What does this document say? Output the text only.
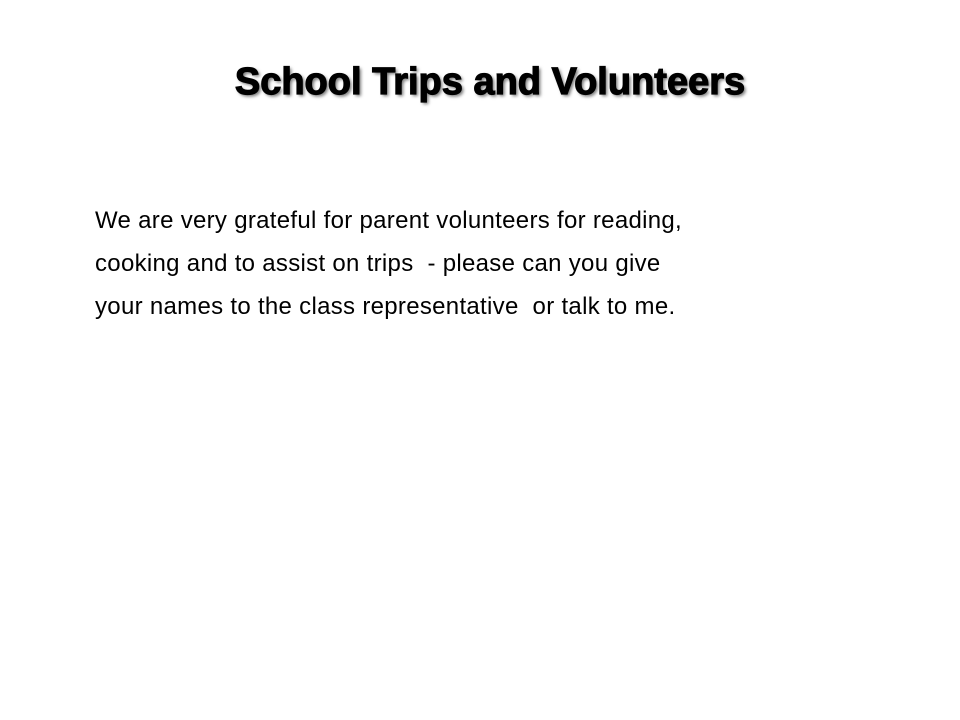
School Trips and Volunteers

We are very grateful for parent volunteers for reading,

cooking and to assist on trips  - please can you give

your names to the class representative  or talk to me.
